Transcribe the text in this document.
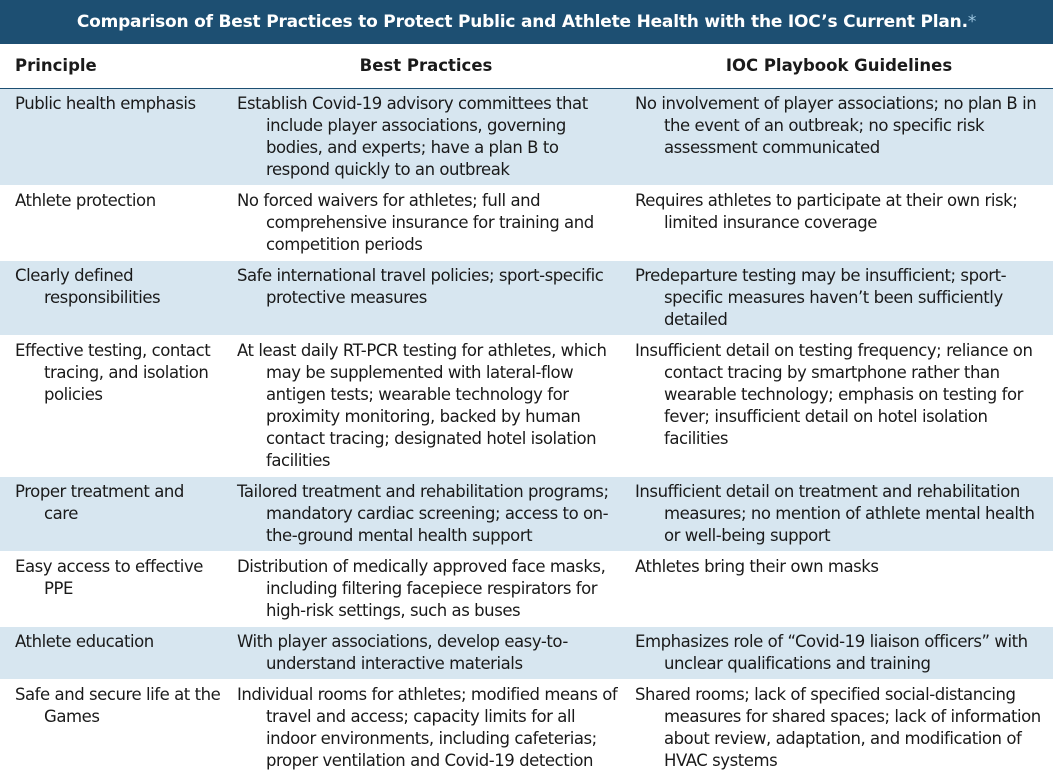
Comparison of Best Practices to Protect Public and Athlete Health with the IOC’s Current Plan. *
Principle	Best Practices	IOC Playbook Guidelines

Public health emphasis	Establish Covid-19 advisory committees that include player associations, governing bodies, and experts; have a plan B to respond quickly to an outbreak	No involvement of player associations; no plan B in the event of an outbreak; no specific risk assessment communicated

Athlete protection	No forced waivers for athletes; full and comprehensive insurance for training and competition periods	Requires athletes to participate at their own risk; limited insurance coverage

Clearly defined responsibilities	Safe international travel policies; sport-specific protective measures	Predeparture testing may be insufficient; sport-specific measures haven’t been sufficiently detailed

Effective testing, contact tracing, and isolation policies	At least daily RT-PCR testing for athletes, which may be supplemented with lateral-flow antigen tests; wearable technology for proximity monitoring, backed by human contact tracing; designated hotel isolation facilities	Insufficient detail on testing frequency; reliance on contact tracing by smartphone rather than wearable technology; emphasis on testing for fever; insufficient detail on hotel isolation facilities

Proper treatment and care	Tailored treatment and rehabilitation programs; mandatory cardiac screening; access to on-the-ground mental health support	Insufficient detail on treatment and rehabilitation measures; no mention of athlete mental health or well-being support

Easy access to effective PPE	Distribution of medically approved face masks, including filtering facepiece respirators for high-risk settings, such as buses	Athletes bring their own masks

Athlete education	With player associations, develop easy-to-understand interactive materials	Emphasizes role of “Covid-19 liaison officers” with unclear qualifications and training

Safe and secure life at the Games	Individual rooms for athletes; modified means of travel and access; capacity limits for all indoor environments, including cafeterias; proper ventilation and Covid-19 detection	Shared rooms; lack of specified social-distancing measures for shared spaces; lack of information about review, adaptation, and modification of HVAC systems
